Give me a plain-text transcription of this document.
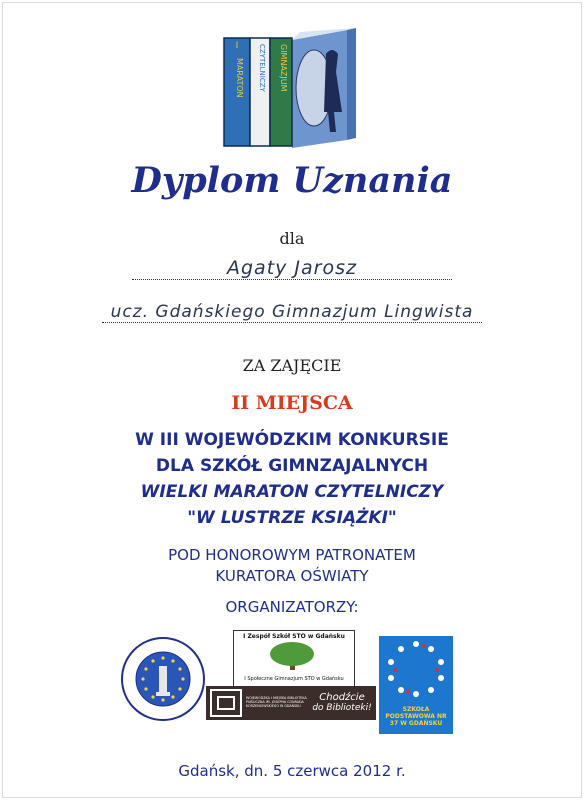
I
MARATON CZYTELNICZY GIMNAZJUM
Dyplom Uznania
dla
Agaty Jarosz
ucz. Gdańskiego Gimnazjum Lingwista
ZA ZAJĘCIE
II MIEJSCA
W III WOJEWÓDZKIM KONKURSIE
DLA SZKÓŁ GIMNZAJALNYCH
WIELKI MARATON CZYTELNICZY
"W LUSTRZE KSIĄŻKI"
POD HONOROWYM PATRONATEM
KURATORA OŚWIATY
ORGANIZATORZY:
I Zespół Szkół STO w Gdańsku
I Społeczne Gimnazjum STO w Gdańsku
WOJEWÓDZKA I MIEJSKA BIBLIOTEKA PUBLICZNA IM. JOSEPHA CONRADA KORZENIOWSKIEGO W GDAŃSKU
Chodźcie
do Biblioteki!	SZKOŁA PODSTAWOWA NR 37 W GDAŃSKU
Gdańsk, dn. 5 czerwca 2012 r.
